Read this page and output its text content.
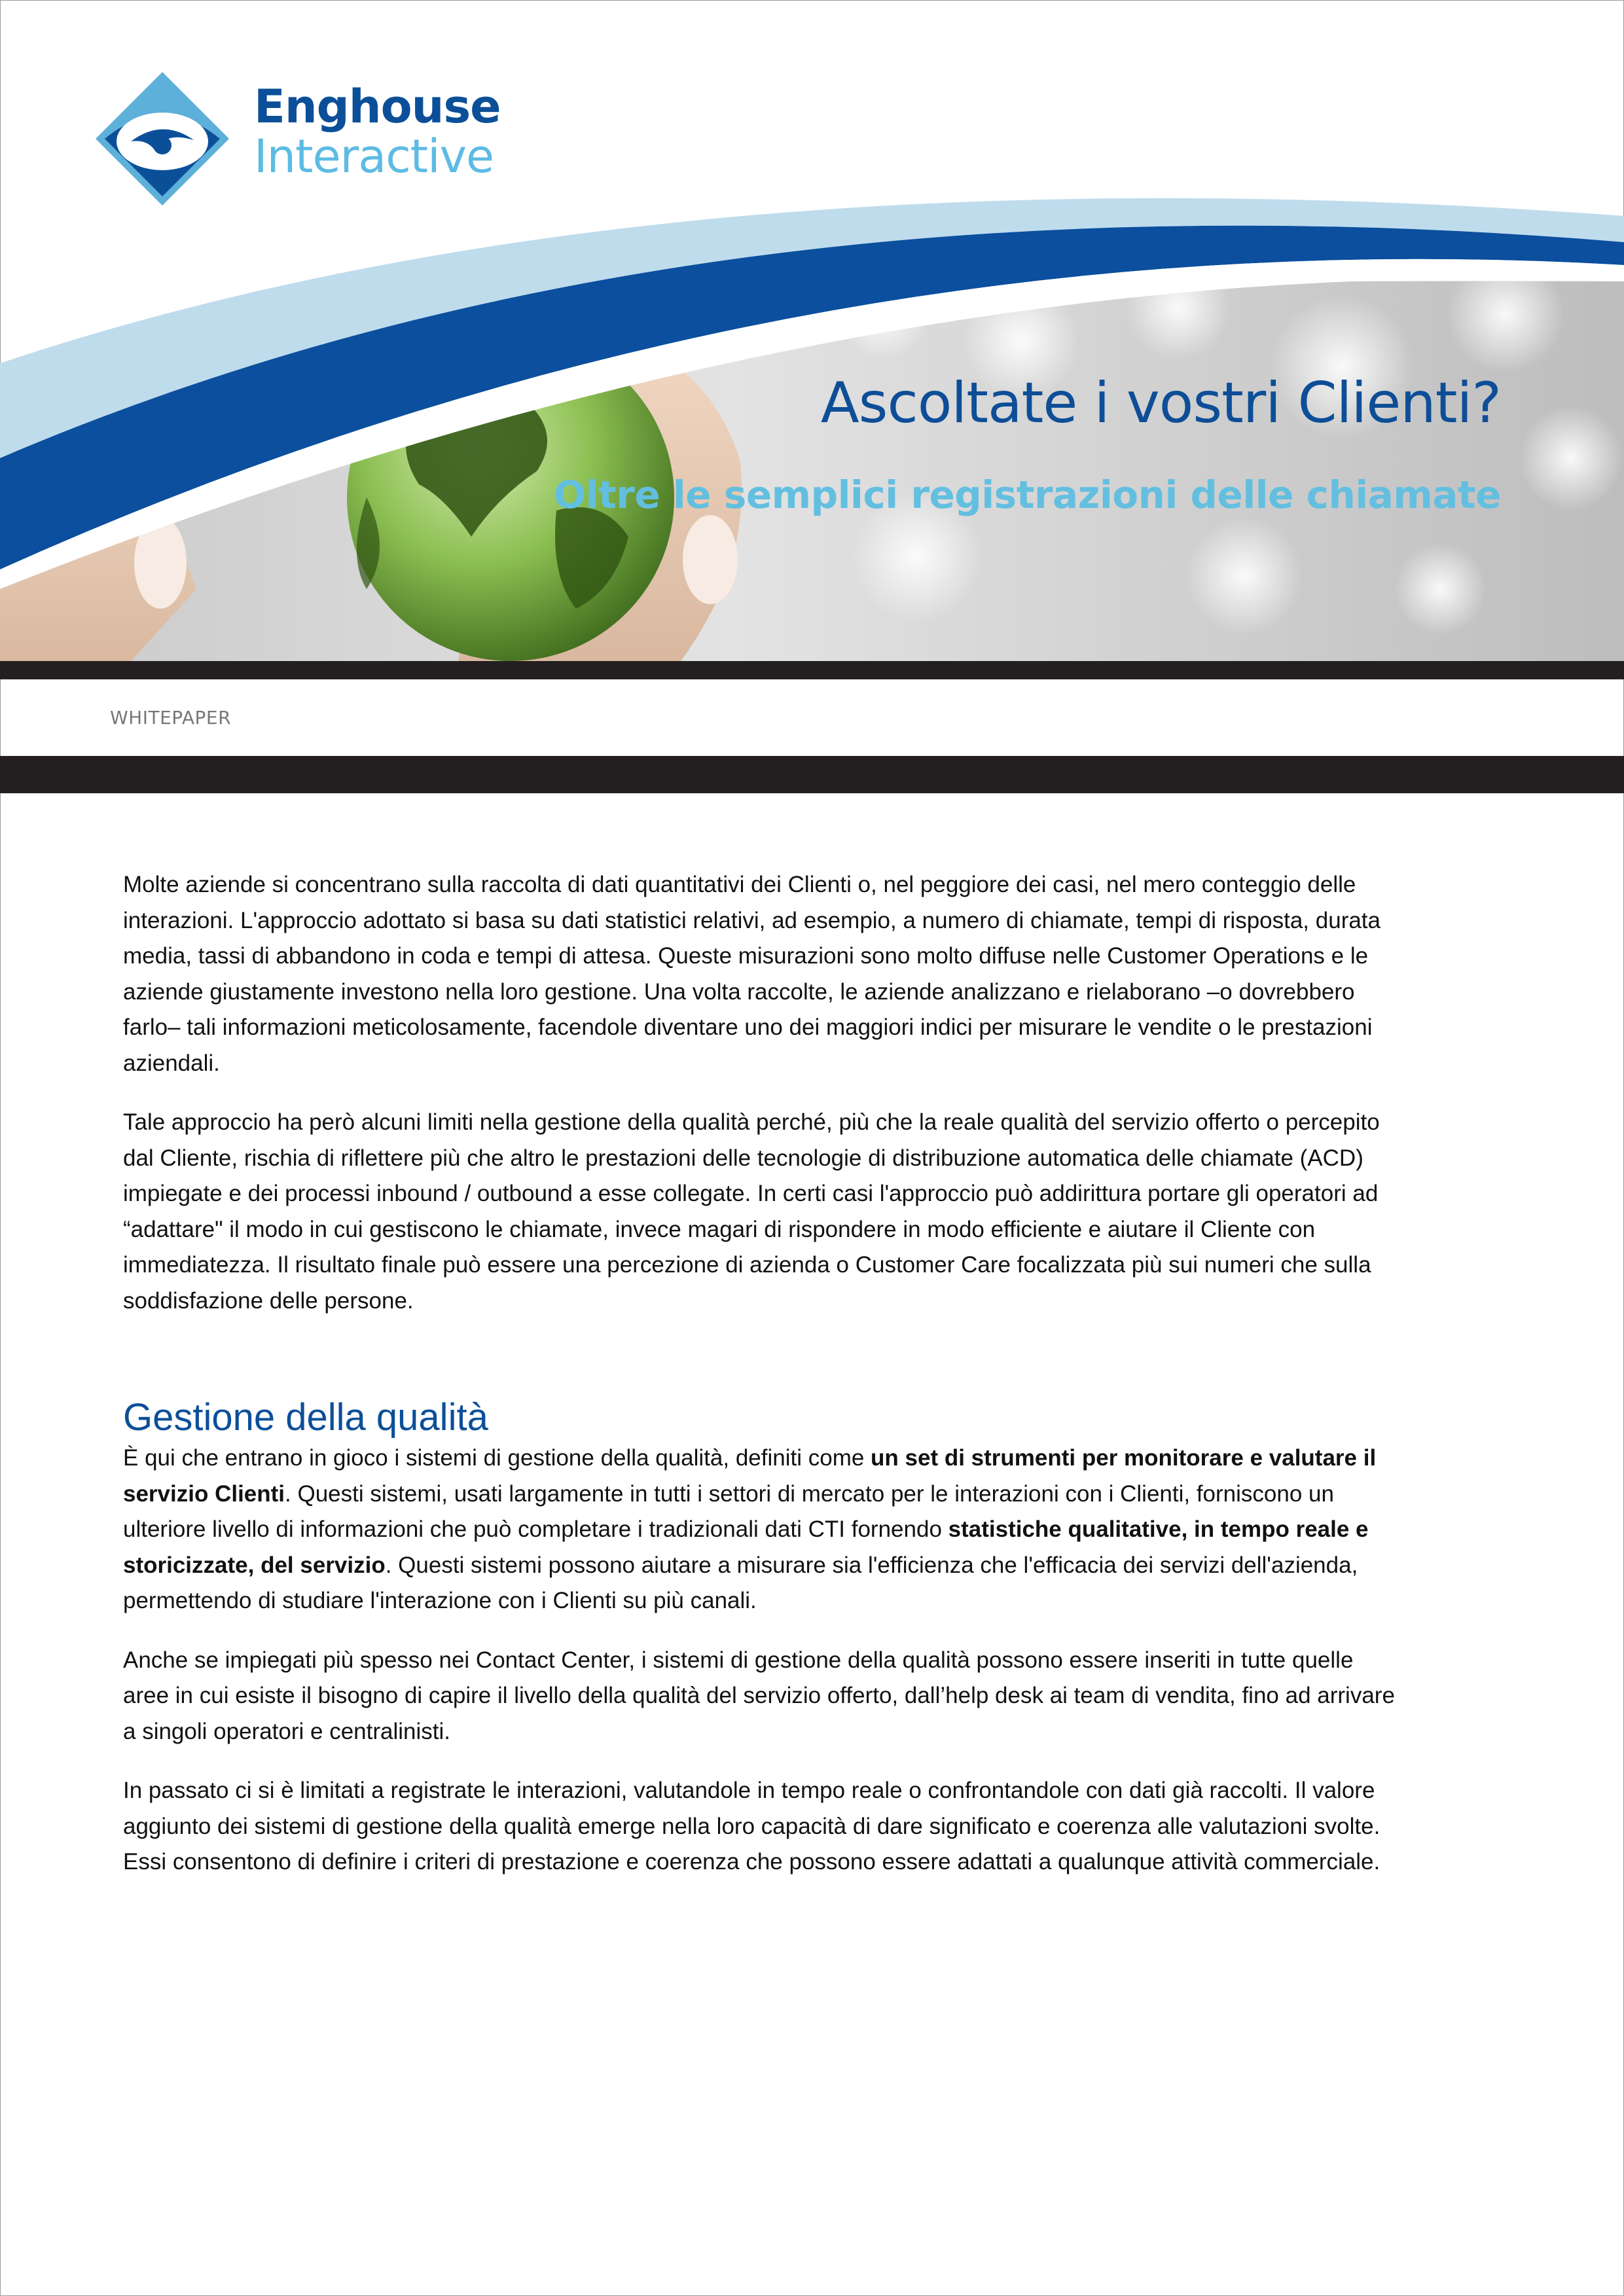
Enghouse
Interactive
Ascoltate i vostri Clienti?
Oltre le semplici registrazioni delle chiamate
WHITEPAPER

Molte aziende si concentrano sulla raccolta di dati quantitativi dei Clienti o, nel peggiore dei casi, nel mero conteggio delle interazioni. L'approccio adottato si basa su dati statistici relativi, ad esempio, a numero di chiamate, tempi di risposta, durata media, tassi di abbandono in coda e tempi di attesa. Queste misurazioni sono molto diffuse nelle Customer Operations e le aziende giustamente investono nella loro gestione. Una volta raccolte, le aziende analizzano e rielaborano –o dovrebbero farlo– tali informazioni meticolosamente, facendole diventare uno dei maggiori indici per misurare le vendite o le prestazioni aziendali.

Tale approccio ha però alcuni limiti nella gestione della qualità perché, più che la reale qualità del servizio offerto o percepito dal Cliente, rischia di riflettere più che altro le prestazioni delle tecnologie di distribuzione automatica delle chiamate (ACD) impiegate e dei processi inbound / outbound a esse collegate. In certi casi l'approccio può addirittura portare gli operatori ad “adattare" il modo in cui gestiscono le chiamate, invece magari di rispondere in modo efficiente e aiutare il Cliente con immediatezza. Il risultato finale può essere una percezione di azienda o Customer Care focalizzata più sui numeri che sulla soddisfazione delle persone.

Gestione della qualità

È qui che entrano in gioco i sistemi di gestione della qualità, definiti come un set di strumenti per monitorare e valutare il servizio Clienti. Questi sistemi, usati largamente in tutti i settori di mercato per le interazioni con i Clienti, forniscono un ulteriore livello di informazioni che può completare i tradizionali dati CTI fornendo statistiche qualitative, in tempo reale e storicizzate, del servizio. Questi sistemi possono aiutare a misurare sia l'efficienza che l'efficacia dei servizi dell'azienda, permettendo di studiare l'interazione con i Clienti su più canali.

Anche se impiegati più spesso nei Contact Center, i sistemi di gestione della qualità possono essere inseriti in tutte quelle aree in cui esiste il bisogno di capire il livello della qualità del servizio offerto, dall’help desk ai team di vendita, fino ad arrivare a singoli operatori e centralinisti.

In passato ci si è limitati a registrate le interazioni, valutandole in tempo reale o confrontandole con dati già raccolti. Il valore aggiunto dei sistemi di gestione della qualità emerge nella loro capacità di dare significato e coerenza alle valutazioni svolte. Essi consentono di definire i criteri di prestazione e coerenza che possono essere adattati a qualunque attività commerciale.
